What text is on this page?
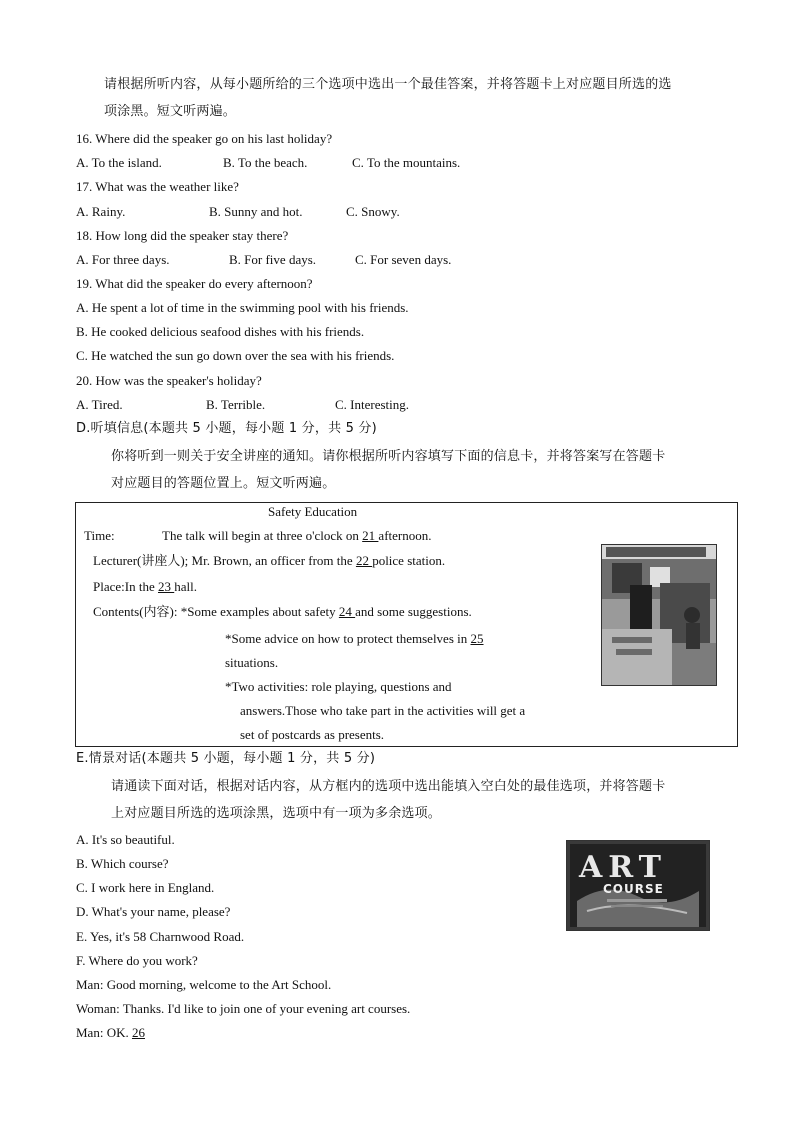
请根据所听内容，从每小题所给的三个选项中选出一个最佳答案，并将答题卡上对应题目所选的选
项涂黑。短文听两遍。
16. Where did the speaker go on his last holiday?
A. To the island.	B. To the beach.	C. To the mountains.
17. What was the weather like?
A. Rainy.	B. Sunny and hot.	C. Snowy.
18. How long did the speaker stay there?
A. For three days.	B. For five days.	C. For seven days.
19. What did the speaker do every afternoon?
A. He spent a lot of time in the swimming pool with his friends.
B. He cooked delicious seafood dishes with his friends.
C. He watched the sun go down over the sea with his friends.
20. How was the speaker's holiday?
A. Tired.	B. Terrible.	C. Interesting.
D.听填信息(本题共 5 小题，每小题 1 分，共 5 分)
你将听到一则关于安全讲座的通知。请你根据所听内容填写下面的信息卡，并将答案写在答题卡
对应题目的答题位置上。短文听两遍。
Safety Education
Time:	The talk will begin at three o'clock on 21 afternoon.
Lecturer(讲座人); Mr. Brown, an officer from the 22 police station.
Place:In the 23 hall.
Contents(内容): *Some examples about safety 24 and some suggestions.
*Some advice on how to protect themselves in 25
situations.
*Two activities: role playing, questions and
answers.Those who take part in the activities will get a
set of postcards as presents.
E.情景对话(本题共 5 小题，每小题 1 分，共 5 分)
请通读下面对话，根据对话内容，从方框内的选项中选出能填入空白处的最佳选项，并将答题卡
上对应题目所选的选项涂黑，选项中有一项为多余选项。
A. It's so beautiful.
B. Which course?
C. I work here in England.
D. What's your name, please?
E. Yes, it's 58 Charnwood Road.
F. Where do you work?
Man: Good morning, welcome to the Art School.
Woman: Thanks. I'd like to join one of your evening art courses.
Man: OK. 26
ART
COURSE
